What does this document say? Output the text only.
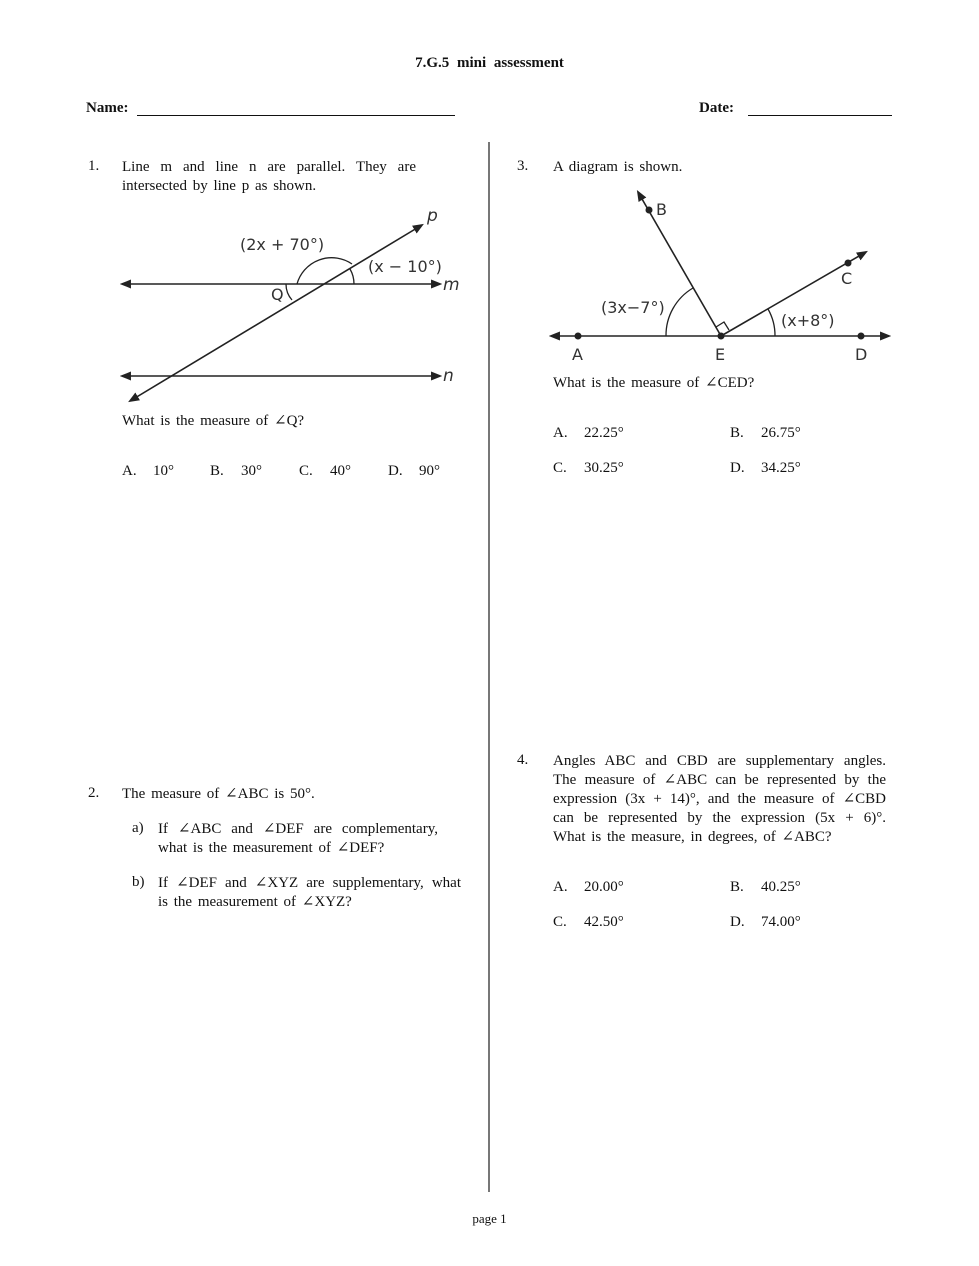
7.G.5 mini assessment
Name:	Date:
1. Line m and line n are parallel. They are intersected by line p as shown.
p
m
n
Q
(2x + 70°)
(x − 10°)
What is the measure of ∠Q?
A. 10° B. 30° C. 40° D. 90°
2. The measure of ∠ABC is 50°.
a) If ∠ABC and ∠DEF are complementary, what is the measurement of ∠DEF?
b) If ∠DEF and ∠XYZ are supplementary, what is the measurement of ∠XYZ?
3. A diagram is shown.
A	E	D
B
C
(3x−7°)
(x+8°)
What is the measure of ∠CED?
A. 22.25°	B. 26.75°
C. 30.25°	D. 34.25°
4. Angles ABC and CBD are supplementary angles. The measure of ∠ABC can be represented by the expression (3x + 14)°, and the measure of ∠CBD can be represented by the expression (5x + 6)°. What is the measure, in degrees, of ∠ABC?
A. 20.00°	B. 40.25°
C. 42.50°	D. 74.00°
page 1
